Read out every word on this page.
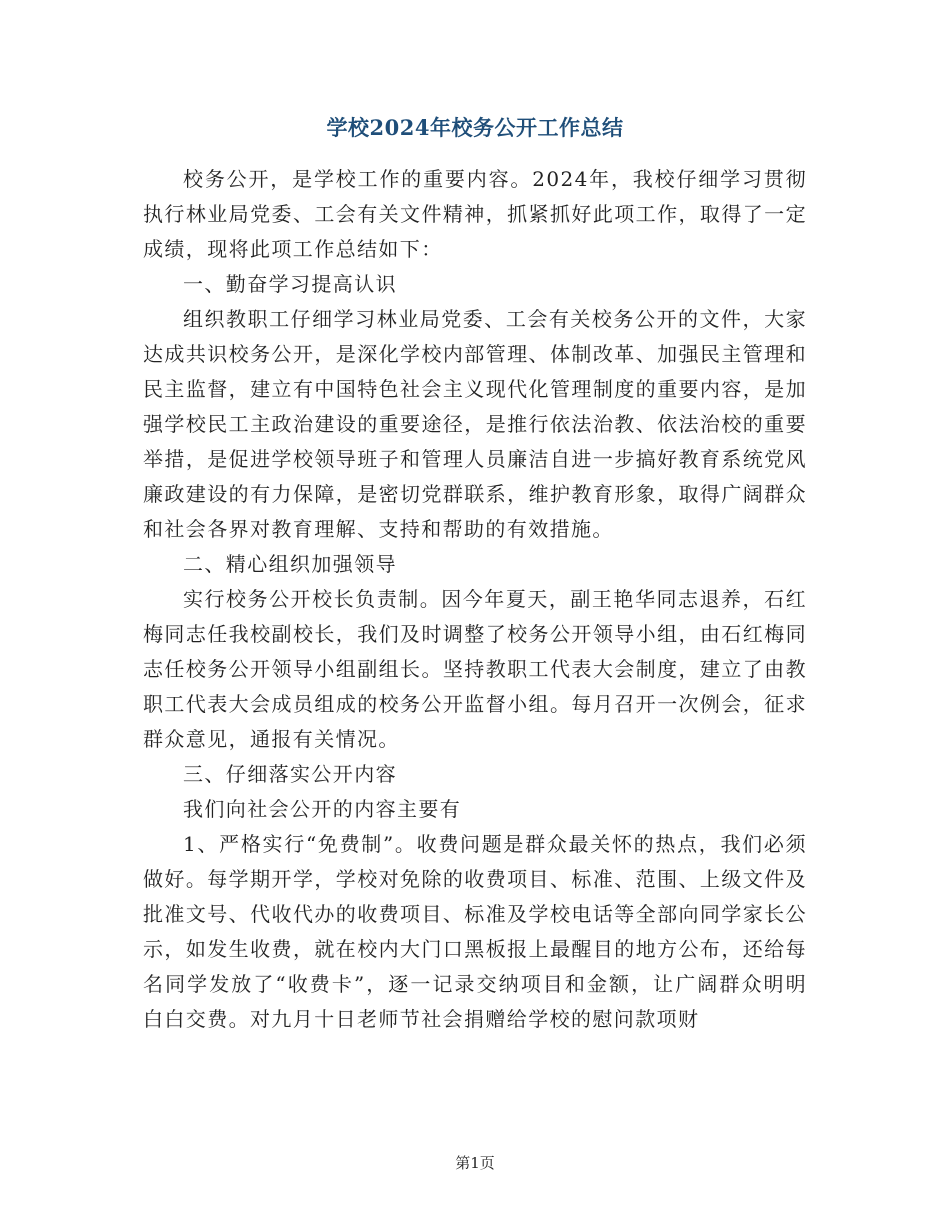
学校2024年校务公开工作总结

校务公开，是学校工作的重要内容。2024年，我校仔细学习贯彻执行林业局党委、工会有关文件精神，抓紧抓好此项工作，取得了一定成绩，现将此项工作总结如下：

一、勤奋学习提高认识

组织教职工仔细学习林业局党委、工会有关校务公开的文件，大家达成共识校务公开，是深化学校内部管理、体制改革、加强民主管理和民主监督，建立有中国特色社会主义现代化管理制度的重要内容，是加强学校民工主政治建设的重要途径，是推行依法治教、依法治校的重要举措，是促进学校领导班子和管理人员廉洁自进一步搞好教育系统党风廉政建设的有力保障，是密切党群联系，维护教育形象，取得广阔群众和社会各界对教育理解、支持和帮助的有效措施。

二、精心组织加强领导

实行校务公开校长负责制。因今年夏天，副王艳华同志退养，石红梅同志任我校副校长，我们及时调整了校务公开领导小组，由石红梅同志任校务公开领导小组副组长。坚持教职工代表大会制度，建立了由教职工代表大会成员组成的校务公开监督小组。每月召开一次例会，征求群众意见，通报有关情况。

三、仔细落实公开内容

我们向社会公开的内容主要有

1、严格实行“免费制”。收费问题是群众最关怀的热点，我们必须做好。每学期开学，学校对免除的收费项目、标准、范围、上级文件及批准文号、代收代办的收费项目、标准及学校电话等全部向同学家长公示，如发生收费，就在校内大门口黑板报上最醒目的地方公布，还给每名同学发放了“收费卡”，逐一记录交纳项目和金额，让广阔群众明明白白交费。对九月十日老师节社会捐赠给学校的慰问款项财

第1页
